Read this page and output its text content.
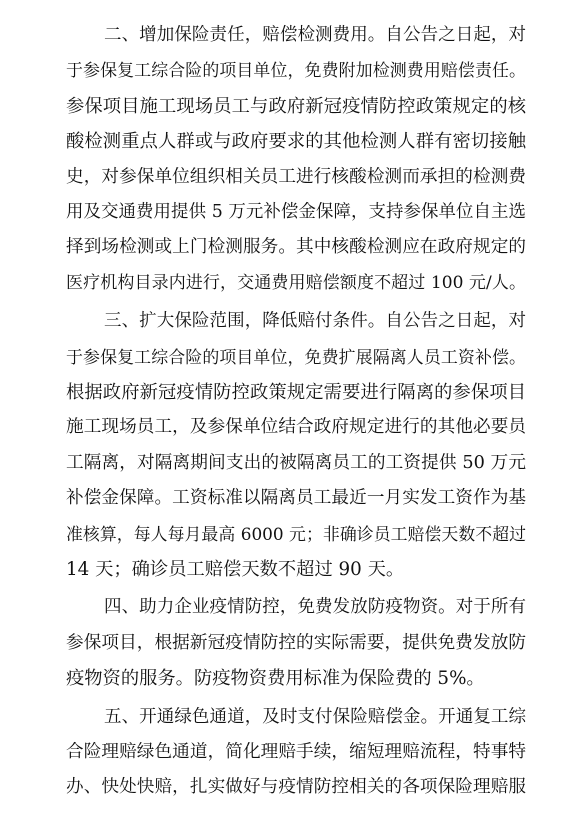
二、增加保险责任，赔偿检测费用。自公告之日起，对
于参保复工综合险的项目单位，免费附加检测费用赔偿责任。
参保项目施工现场员工与政府新冠疫情防控政策规定的核
酸检测重点人群或与政府要求的其他检测人群有密切接触
史，对参保单位组织相关员工进行核酸检测而承担的检测费
用及交通费用提供 5 万元补偿金保障，支持参保单位自主选
择到场检测或上门检测服务。其中核酸检测应在政府规定的
医疗机构目录内进行，交通费用赔偿额度不超过 100 元/人。
三、扩大保险范围，降低赔付条件。自公告之日起，对
于参保复工综合险的项目单位，免费扩展隔离人员工资补偿。
根据政府新冠疫情防控政策规定需要进行隔离的参保项目
施工现场员工，及参保单位结合政府规定进行的其他必要员
工隔离，对隔离期间支出的被隔离员工的工资提供 50 万元
补偿金保障。工资标准以隔离员工最近一月实发工资作为基
准核算，每人每月最高 6000 元；非确诊员工赔偿天数不超过
14 天；确诊员工赔偿天数不超过 90 天。
四、助力企业疫情防控，免费发放防疫物资。对于所有
参保项目，根据新冠疫情防控的实际需要，提供免费发放防
疫物资的服务。防疫物资费用标准为保险费的 5%。
五、开通绿色通道，及时支付保险赔偿金。开通复工综
合险理赔绿色通道，简化理赔手续，缩短理赔流程，特事特
办、快处快赔，扎实做好与疫情防控相关的各项保险理赔服
